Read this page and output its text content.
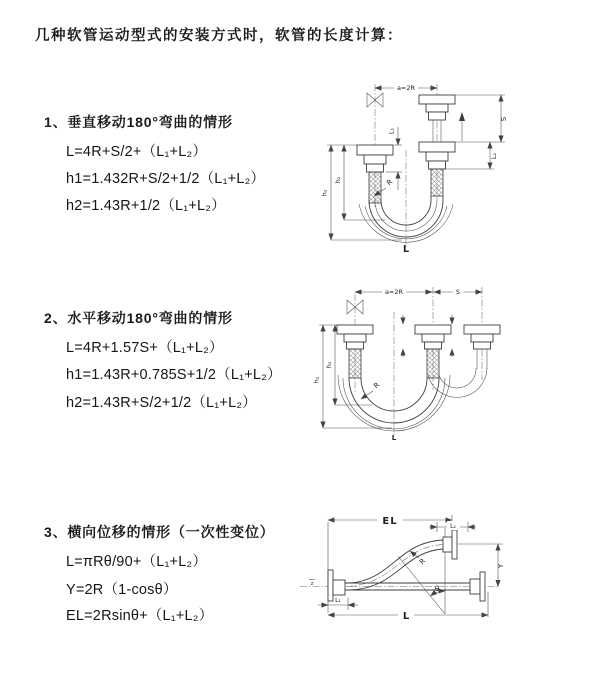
几种软管运动型式的安装方式时，软管的长度计算：
1、垂直移动180°弯曲的情形
L=4R+S/2+（L₁+L₂）
h1=1.432R+S/2+1/2（L₁+L₂）
h2=1.43R+1/2（L₁+L₂）
2、水平移动180°弯曲的情形
L=4R+1.57S+（L₁+L₂）
h1=1.43R+0.785S+1/2（L₁+L₂）
h2=1.43R+S/2+1/2（L₁+L₂）
3、横向位移的情形（一次性变位）
L=πRθ/90+（L₁+L₂）
Y=2R（1-cosθ）
EL=2Rsinθ+（L₁+L₂）
a=2R
h₂
h₁
L₁
S
L₂
R
L
a=2R	S
h₂
h₁
R
L
EL	L₂
Y
L
L₁
R
θ
z
